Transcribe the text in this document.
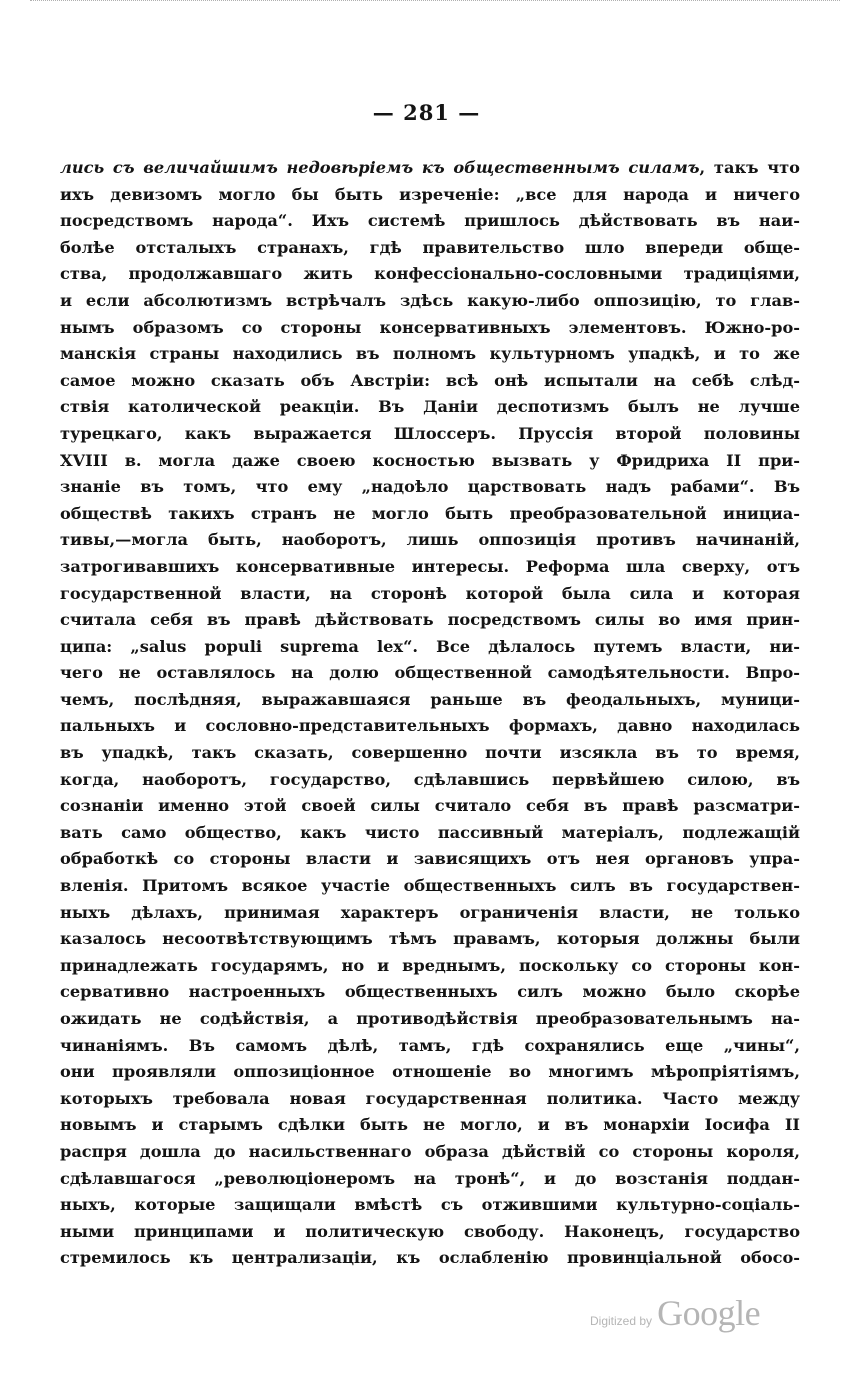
— 281 —
лись съ величайшимъ недовѣріемъ къ общественнымъ силамъ, такъ что
ихъ девизомъ могло бы быть изреченіе: „все для народа и ничего
посредствомъ народа“. Ихъ системѣ пришлось дѣйствовать въ наи-
болѣе отсталыхъ странахъ, гдѣ правительство шло впереди обще-
ства, продолжавшаго жить конфессіонально-сословными традиціями,
и если абсолютизмъ встрѣчалъ здѣсь какую-либо оппозицію, то глав-
нымъ образомъ со стороны консервативныхъ элементовъ. Южно-ро-
манскія страны находились въ полномъ культурномъ упадкѣ, и то же
самое можно сказать объ Австріи: всѣ онѣ испытали на себѣ слѣд-
ствія католической реакціи. Въ Даніи деспотизмъ былъ не лучше
турецкаго, какъ выражается Шлоссеръ. Пруссія второй половины
XVIII в. могла даже своею косностью вызвать у Фридриха II при-
знаніе въ томъ, что ему „надоѣло царствовать надъ рабами“. Въ
обществѣ такихъ странъ не могло быть преобразовательной инициа-
тивы,—могла быть, наоборотъ, лишь оппозиція противъ начинаній,
затрогивавшихъ консервативные интересы. Реформа шла сверху, отъ
государственной власти, на сторонѣ которой была сила и которая
считала себя въ правѣ дѣйствовать посредствомъ силы во имя прин-
ципа: „salus populi suprema lex“. Все дѣлалось путемъ власти, ни-
чего не оставлялось на долю общественной самодѣятельности. Впро-
чемъ, послѣдняя, выражавшаяся раньше въ феодальныхъ, муници-
пальныхъ и сословно-представительныхъ формахъ, давно находилась
въ упадкѣ, такъ сказать, совершенно почти изсякла въ то время,
когда, наоборотъ, государство, сдѣлавшись первѣйшею силою, въ
сознаніи именно этой своей силы считало себя въ правѣ разсматри-
вать само общество, какъ чисто пассивный матеріалъ, подлежащій
обработкѣ со стороны власти и зависящихъ отъ нея органовъ упра-
вленія. Притомъ всякое участіе общественныхъ силъ въ государствен-
ныхъ дѣлахъ, принимая характеръ ограниченія власти, не только
казалось несоотвѣтствующимъ тѣмъ правамъ, которыя должны были
принадлежать государямъ, но и вреднымъ, поскольку со стороны кон-
сервативно настроенныхъ общественныхъ силъ можно было скорѣе
ожидать не содѣйствія, а противодѣйствія преобразовательнымъ на-
чинаніямъ. Въ самомъ дѣлѣ, тамъ, гдѣ сохранялись еще „чины“,
они проявляли оппозиціонное отношеніе во многимъ мѣропріятіямъ,
которыхъ требовала новая государственная политика. Часто между
новымъ и старымъ сдѣлки быть не могло, и въ монархіи Іосифа II
распря дошла до насильственнаго образа дѣйствій со стороны короля,
сдѣлавшагося „революціонеромъ на тронѣ“, и до возстанія поддан-
ныхъ, которые защищали вмѣстѣ съ отжившими культурно-соціаль-
ными принципами и политическую свободу. Наконецъ, государство
стремилось къ централизаціи, къ ослабленію провинціальной обосо-
Digitized by Google
